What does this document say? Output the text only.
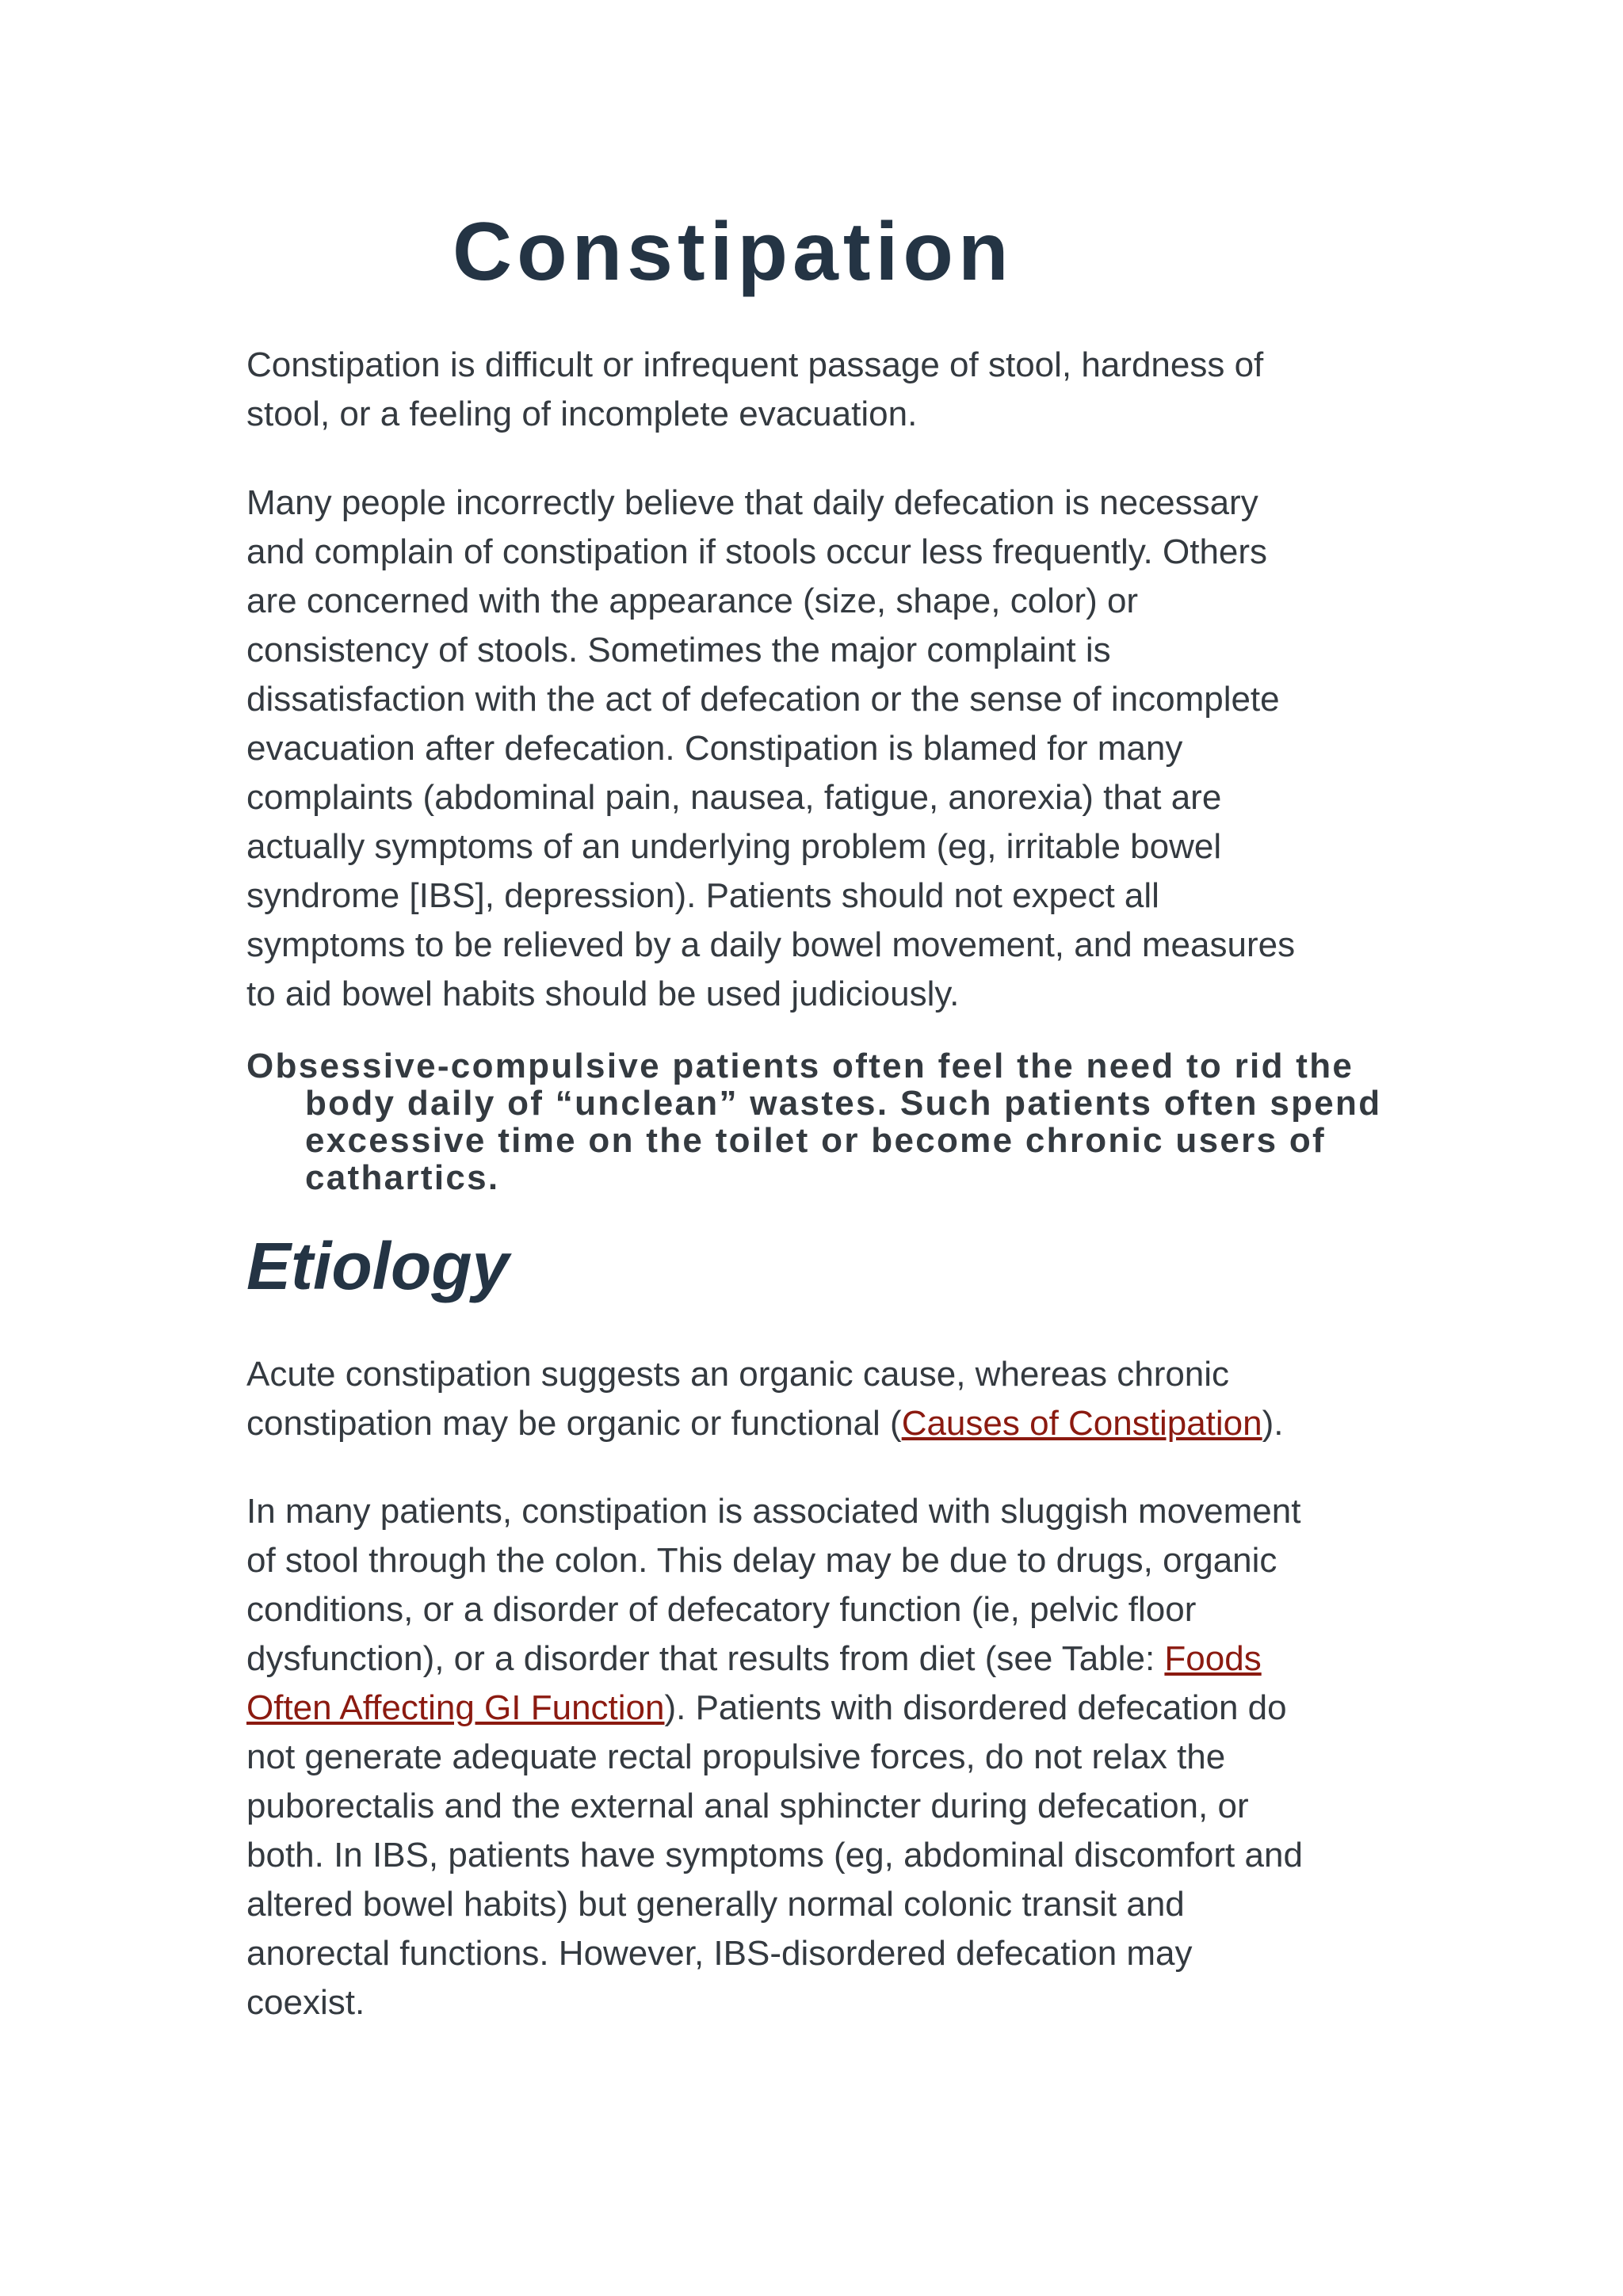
Constipation

Constipation is difficult or infrequent passage of stool, hardness of
stool, or a feeling of incomplete evacuation.

Many people incorrectly believe that daily defecation is necessary
and complain of constipation if stools occur less frequently. Others
are concerned with the appearance (size, shape, color) or
consistency of stools. Sometimes the major complaint is
dissatisfaction with the act of defecation or the sense of incomplete
evacuation after defecation. Constipation is blamed for many
complaints (abdominal pain, nausea, fatigue, anorexia) that are
actually symptoms of an underlying problem (eg, irritable bowel
syndrome [IBS], depression). Patients should not expect all
symptoms to be relieved by a daily bowel movement, and measures
to aid bowel habits should be used judiciously.

Obsessive-compulsive patients often feel the need to rid the body daily of “unclean” wastes. Such patients often spend excessive time on the toilet or become chronic users of cathartics.

Etiology

Acute constipation suggests an organic cause, whereas chronic
constipation may be organic or functional (Causes of Constipation).

In many patients, constipation is associated with sluggish movement
of stool through the colon. This delay may be due to drugs, organic
conditions, or a disorder of defecatory function (ie, pelvic floor
dysfunction), or a disorder that results from diet (see Table: Foods
Often Affecting GI Function). Patients with disordered defecation do
not generate adequate rectal propulsive forces, do not relax the
puborectalis and the external anal sphincter during defecation, or
both. In IBS, patients have symptoms (eg, abdominal discomfort and
altered bowel habits) but generally normal colonic transit and
anorectal functions. However, IBS-disordered defecation may
coexist.
